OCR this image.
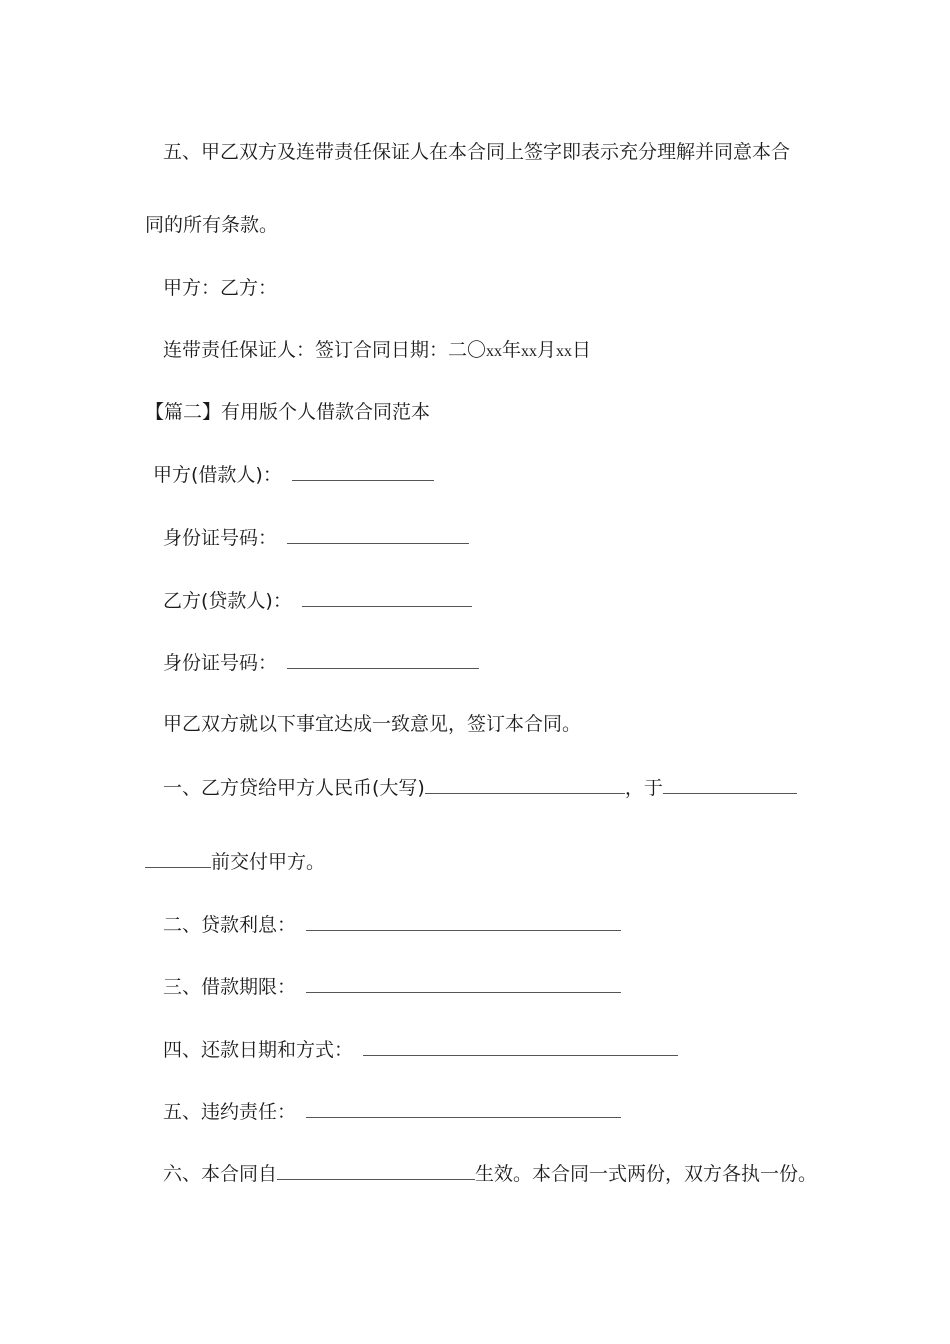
五、甲乙双方及连带责任保证人在本合同上签字即表示充分理解并同意本合
同的所有条款。
甲方：乙方：
连带责任保证人：签订合同日期：二〇xx年xx月xx日
【篇二】有用版个人借款合同范本
甲方(借款人)：
身份证号码：
乙方(贷款人)：
身份证号码：
甲乙双方就以下事宜达成一致意见，签订本合同。
一、乙方贷给甲方人民币(大写)	，于
前交付甲方。
二、贷款利息：
三、借款期限：
四、还款日期和方式：
五、违约责任：
六、本合同自	生效。本合同一式两份，双方各执一份。
